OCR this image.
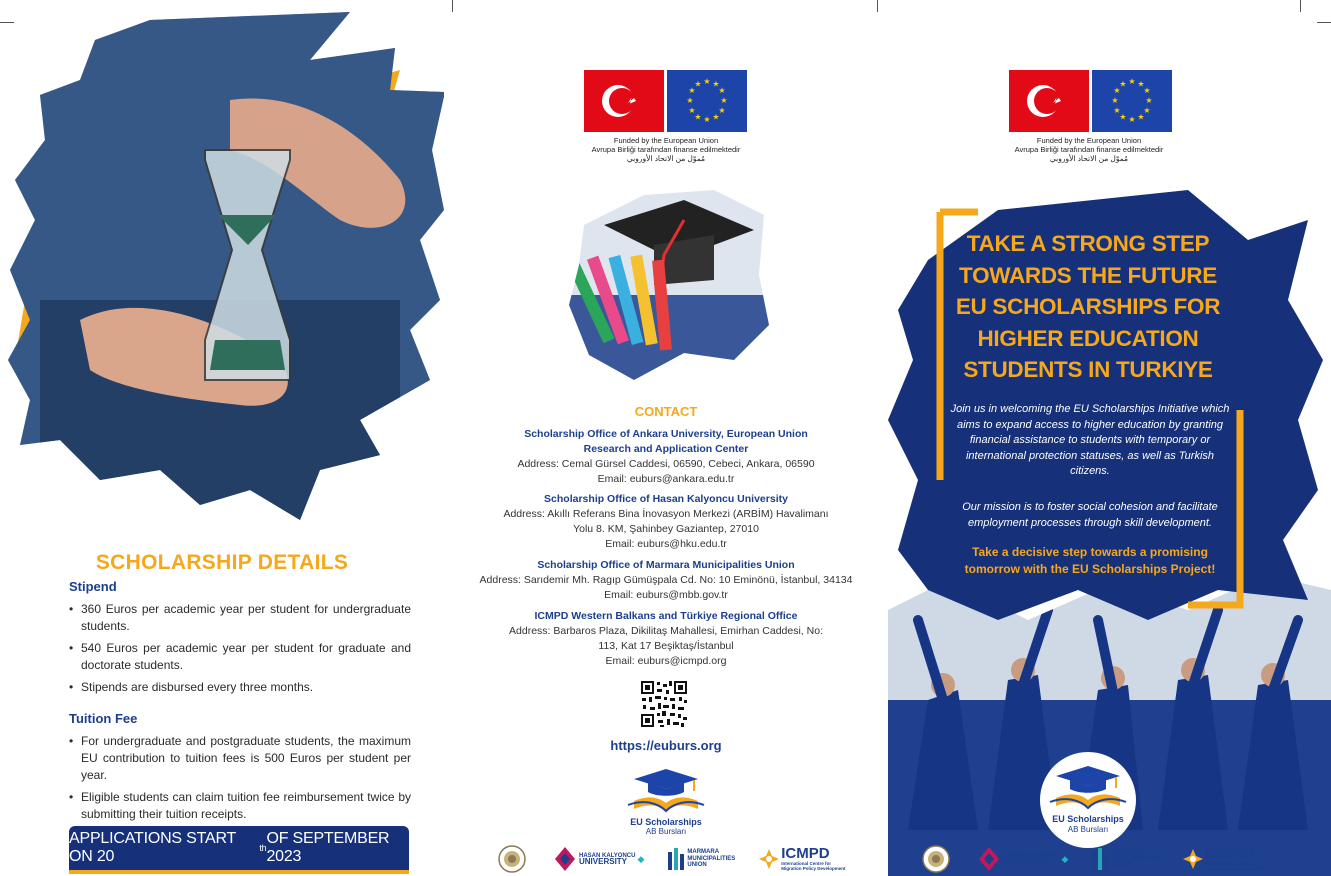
SCHOLARSHIP DETAILS
Stipend
• 360 Euros per academic year per student for undergraduate students.
• 540 Euros per academic year per student for graduate and doctorate students.
• Stipends are disbursed every three months.
Tuition Fee
• For undergraduate and postgraduate students, the maximum EU contribution to tuition fees is 500 Euros per student per year.
• Eligible students can claim tuition fee reimbursement twice by submitting their tuition receipts.
APPLICATIONS START ON 20	th
OF SEPTEMBER 2023
★ ★
★
★
★
★
★
★
★
★
★
★
Funded by the European Union
Avrupa Birliği tarafından finanse edilmektedir
مُموّل من الاتحاد الأوروبي
CONTACT
Scholarship Office of Ankara University, European Union Research and Application Center
Address: Cemal Gürsel Caddesi, 06590, Cebeci, Ankara, 06590
Email: euburs@ankara.edu.tr
Scholarship Office of Hasan Kalyoncu University
Address: Akıllı Referans Bina İnovasyon Merkezi (ARBİM) Havalimanı Yolu 8. KM, Şahinbey Gaziantep, 27010
Email: euburs@hku.edu.tr
Scholarship Office of Marmara Municipalities Union
Address: Sarıdemir Mh. Ragıp Gümüşpala Cd. No: 10 Eminönü, İstanbul, 34134
Email: euburs@mbb.gov.tr
ICMPD Western Balkans and Türkiye Regional Office
Address: Barbaros Plaza, Dikilitaş Mahallesi, Emirhan Caddesi, No: 113, Kat 17 Beşiktaş/İstanbul
Email: euburs@icmpd.org
https://euburs.org
EU Scholarships
AB Bursları
HASAN KALYONCU
UNIVERSITY	◆
MARMARA
MUNICIPALITIES
UNION
ICMPD
International Centre for
Migration Policy Development
★ ★
★
★
★
★
★
★
★
★
★
★
Funded by the European Union
Avrupa Birliği tarafından finanse edilmektedir
مُموّل من الاتحاد الأوروبي
TAKE A STRONG STEP
TOWARDS THE FUTURE
EU SCHOLARSHIPS FOR
HIGHER EDUCATION
STUDENTS IN TURKIYE
Join us in welcoming the EU Scholarships Initiative which aims to expand access to higher education by granting financial assistance to students with temporary or international protection statuses, as well as Turkish citizens.
Our mission is to foster social cohesion and facilitate employment processes through skill development.
Take a decisive step towards a promising tomorrow with the EU Scholarships Project!
EU Scholarships
AB Bursları
HASAN KALYONCU
UNIVERSITY	◆
MARMARA
MUNICIPALITIES
UNION
ICMPD
International Centre for
Migration Policy Development
